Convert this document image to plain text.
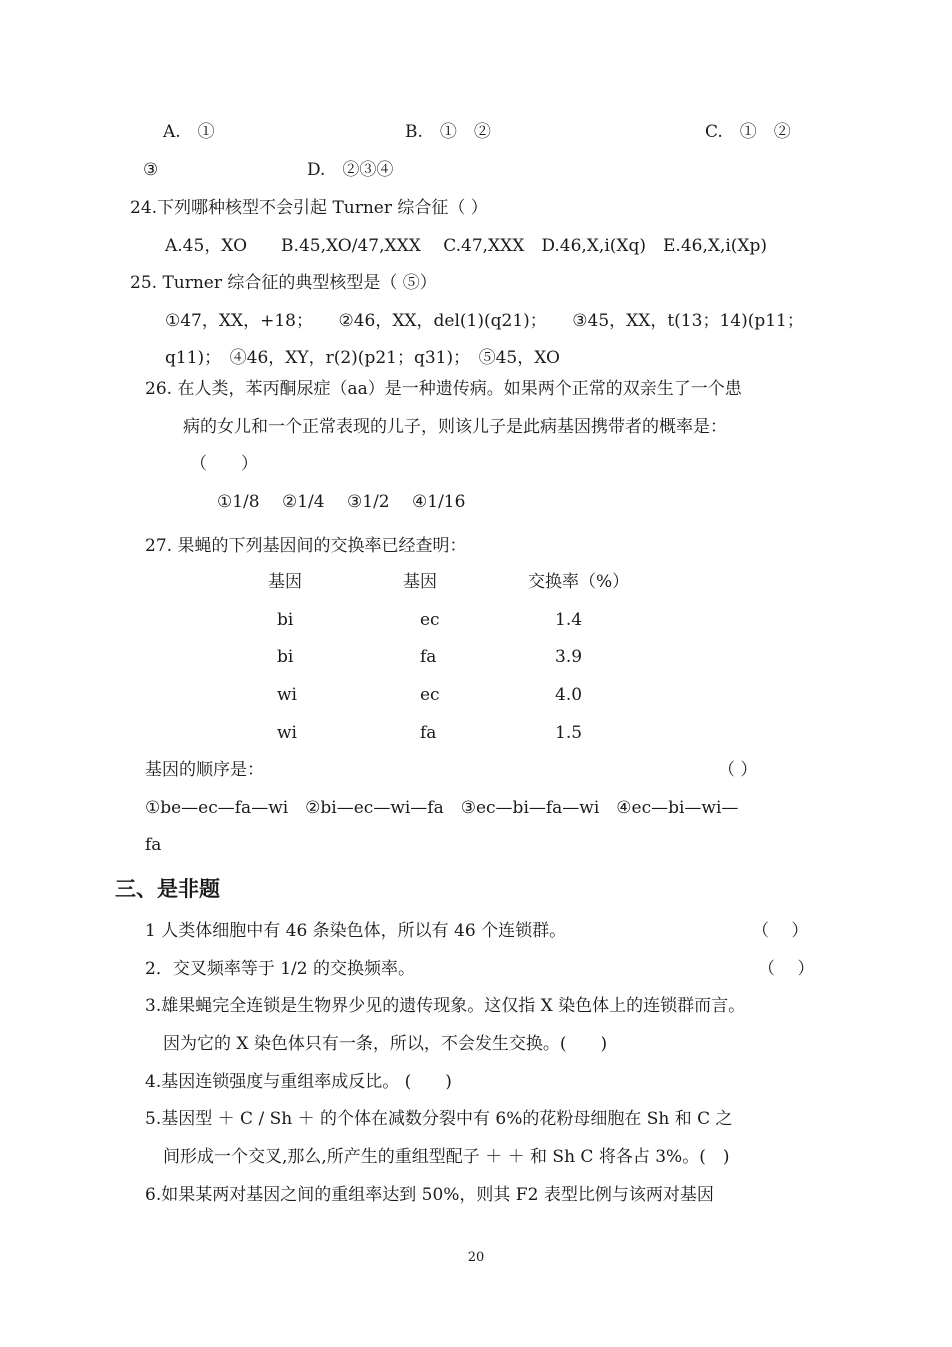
A.　①	B.　①　②	C.　①　②
③	D.　②③④
24.下列哪种核型不会引起 Turner 综合征（ ）
A.45，XO　　B.45,XO/47,XXX　 C.47,XXX　D.46,X,i(Xq)　E.46,X,i(Xp)
25. Turner 综合征的典型核型是（ ⑤）
①47，XX，+18；　　②46，XX，del(1)(q21)；　　③45，XX，t(13；14)(p11；
q11)；　④46，XY，r(2)(p21；q31)；　⑤45，XO
26. 在人类，苯丙酮尿症（aa）是一种遗传病。如果两个正常的双亲生了一个患
病的女儿和一个正常表现的儿子，则该儿子是此病基因携带者的概率是：
（　　）
①1/8　 ②1/4　 ③1/2　 ④1/16
27. 果蝇的下列基因间的交换率已经查明：
基因	基因	交换率（%）
bi	ec	1.4
bi	fa	3.9
wi	ec	4.0
wi	fa	1.5
基因的顺序是：	（ ）
①be—ec—fa—wi　②bi—ec—wi—fa　③ec—bi—fa—wi　④ec—bi—wi—
fa
三、是非题
1 人类体细胞中有 46 条染色体，所以有 46 个连锁群。	（　 ）
2．交叉频率等于 1/2 的交换频率。	（　 ）
3.雄果蝇完全连锁是生物界少见的遗传现象。这仅指 X 染色体上的连锁群而言。
因为它的 X 染色体只有一条，所以，不会发生交换。(　　)
4.基因连锁强度与重组率成反比。 (　　)
5.基因型 ＋ C / Sh ＋ 的个体在减数分裂中有 6%的花粉母细胞在 Sh 和 C 之
间形成一个交叉,那么,所产生的重组型配子 ＋ ＋ 和 Sh C 将各占 3%。(　)
6.如果某两对基因之间的重组率达到 50%，则其 F2 表型比例与该两对基因
20
